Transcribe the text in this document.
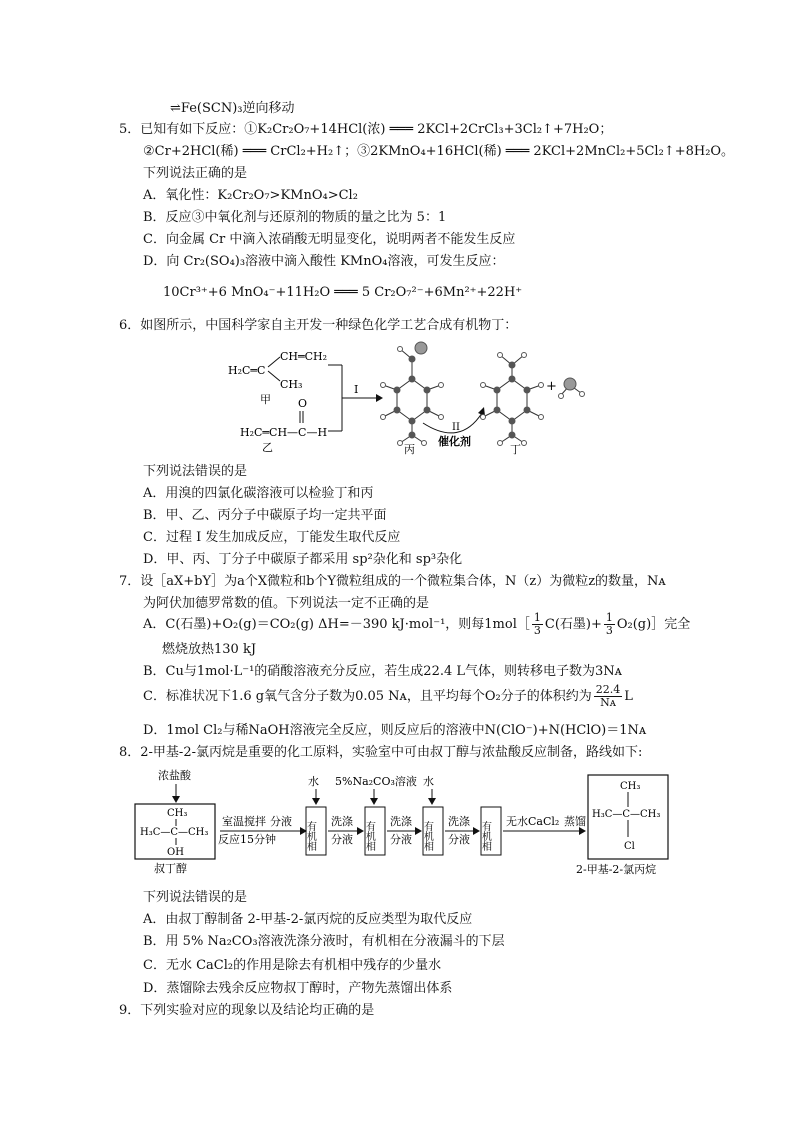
⇌Fe(SCN)₃逆向移动
5．已知有如下反应：①K₂Cr₂O₇+14HCl(浓) ═══ 2KCl+2CrCl₃+3Cl₂↑+7H₂O；
②Cr+2HCl(稀) ═══ CrCl₂+H₂↑；③2KMnO₄+16HCl(稀) ═══ 2KCl+2MnCl₂+5Cl₂↑+8H₂O。
下列说法正确的是
A．氧化性：K₂Cr₂O₇>KMnO₄>Cl₂
B．反应③中氧化剂与还原剂的物质的量之比为 5：1
C．向金属 Cr 中滴入浓硝酸无明显变化，说明两者不能发生反应
D．向 Cr₂(SO₄)₃溶液中滴入酸性 KMnO₄溶液，可发生反应：
10Cr³⁺+6 MnO₄⁻+11H₂O ═══ 5 Cr₂O₇²⁻+6Mn²⁺+22H⁺
6．如图所示，中国科学家自主开发一种绿色化学工艺合成有机物丁：
H₂C═C
CH═CH₂
CH₃
甲 O
H₂C═CH—C—H
乙
I
丙
II
催化剂
丁
+
下列说法错误的是
A．用溴的四氯化碳溶液可以检验丁和丙
B．甲、乙、丙分子中碳原子均一定共平面
C．过程 I 发生加成反应，丁能发生取代反应
D．甲、丙、丁分子中碳原子都采用 sp²杂化和 sp³杂化
7．设［aX+bY］为a个X微粒和b个Y微粒组成的一个微粒集合体，N（z）为微粒z的数量，Nᴀ
为阿伏加德罗常数的值。下列说法一定不正确的是
A．C(石墨)+O₂(g)＝CO₂(g) ΔH=－390 kJ·mol⁻¹，则每1mol［ $\frac{1}{3} C$(石墨)+ $\frac{1}{3}$ O₂(g)］完全
燃烧放热130 kJ
B．Cu与1mol·L⁻¹的硝酸溶液充分反应，若生成22.4 L气体，则转移电子数为3Nᴀ
C．标准状况下1.6 g氧气含分子数为0.05 Nᴀ，且平均每个O₂分子的体积约为 $\frac{22.4}{\text{Nᴀ}}$ L
D．1mol Cl₂与稀NaOH溶液完全反应，则反应后的溶液中N(ClO⁻)+N(HClO)＝1Nᴀ
8．2-甲基-2-氯丙烷是重要的化工原料，实验室中可由叔丁醇与浓盐酸反应制备，路线如下:
浓盐酸
CH₃
H₃C—C—CH₃
OH
叔丁醇
室温搅拌
反应15分钟
分液
水
有机相 洗涤
分液
5%Na₂CO₃溶液
有机相 洗涤
分液
水
有机相 洗涤
分液 有机相 无水CaCl₂ 蒸馏
CH₃
H₃C—C—CH₃
Cl
2-甲基-2-氯丙烷
下列说法错误的是
A．由叔丁醇制备 2-甲基-2-氯丙烷的反应类型为取代反应
B．用 5% Na₂CO₃溶液洗涤分液时，有机相在分液漏斗的下层
C．无水 CaCl₂的作用是除去有机相中残存的少量水
D．蒸馏除去残余反应物叔丁醇时，产物先蒸馏出体系
9．下列实验对应的现象以及结论均正确的是
